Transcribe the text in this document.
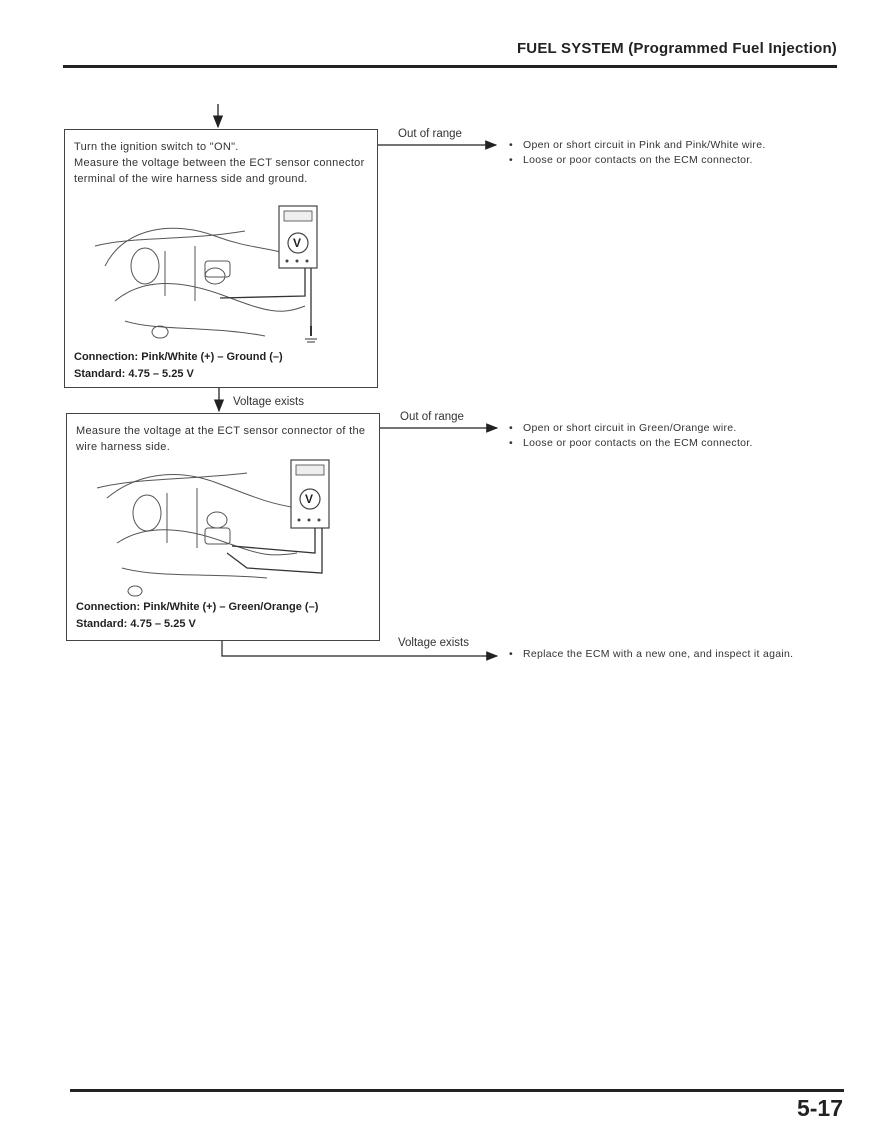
FUEL SYSTEM (Programmed Fuel Injection)
Turn the ignition switch to "ON".
Measure the voltage between the ECT sensor connector terminal of the wire harness side and ground.
V
Connection: Pink/White (+) – Ground (–)
Standard: 4.75 – 5.25 V
Out of range
• Open or short circuit in Pink and Pink/White wire.
• Loose or poor contacts on the ECM connector.
Voltage exists
Measure the voltage at the ECT sensor connector of the wire harness side.
V
Connection: Pink/White (+) – Green/Orange (–)
Standard: 4.75 – 5.25 V
Out of range
• Open or short circuit in Green/Orange wire.
• Loose or poor contacts on the ECM connector.
Voltage exists
• Replace the ECM with a new one, and inspect it again.
5-17
